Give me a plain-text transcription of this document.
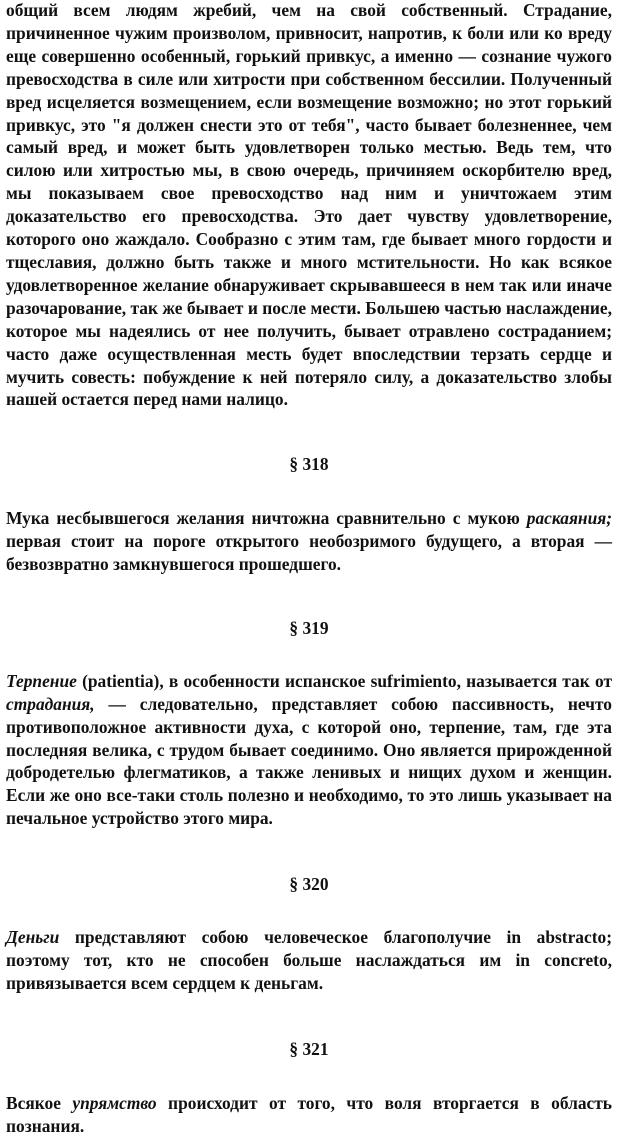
общий всем людям жребий, чем на свой собственный. Страдание, причиненное чужим произволом, привносит, напротив, к боли или ко вреду еще совершенно особенный, горький привкус, а именно — сознание чужого превосходства в силе или хитрости при собственном бессилии. Полученный вред исцеляется возмещением, если возмещение возможно; но этот горький привкус, это "я должен снести это от тебя", часто бывает болезненнее, чем самый вред, и может быть удовлетворен только местью. Ведь тем, что силою или хитростью мы, в свою очередь, причиняем оскорбителю вред, мы показываем свое превосходство над ним и уничтожаем этим доказательство его превосходства. Это дает чувству удовлетворение, которого оно жаждало. Сообразно с этим там, где бывает много гордости и тщеславия, должно быть также и много мстительности. Но как всякое удовлетворенное желание обнаруживает скрывавшееся в нем так или иначе разочарование, так же бывает и после мести. Большею частью наслаждение, которое мы надеялись от нее получить, бывает отравлено состраданием; часто даже осуществленная месть будет впоследствии терзать сердце и мучить совесть: побуждение к ней потеряло силу, а доказательство злобы нашей остается перед нами налицо.

§ 318

Мука несбывшегося желания ничтожна сравнительно с мукою раскаяния; первая стоит на пороге открытого необозримого будущего, а вторая — безвозвратно замкнувшегося прошедшего.

§ 319

Терпение (patientia), в особенности испанское sufrimiento, называется так от страдания, — следовательно, представляет собою пассивность, нечто противоположное активности духа, с которой оно, терпение, там, где эта последняя велика, с трудом бывает соединимо. Оно является прирожденной добродетелью флегматиков, а также ленивых и нищих духом и женщин. Если же оно все-таки столь полезно и необходимо, то это лишь указывает на печальное устройство этого мира.

§ 320

Деньги представляют собою человеческое благополучие in abstracto; поэтому тот, кто не способен больше наслаждаться им in concreto, привязывается всем сердцем к деньгам.

§ 321

Всякое упрямство происходит от того, что воля вторгается в область познания.
